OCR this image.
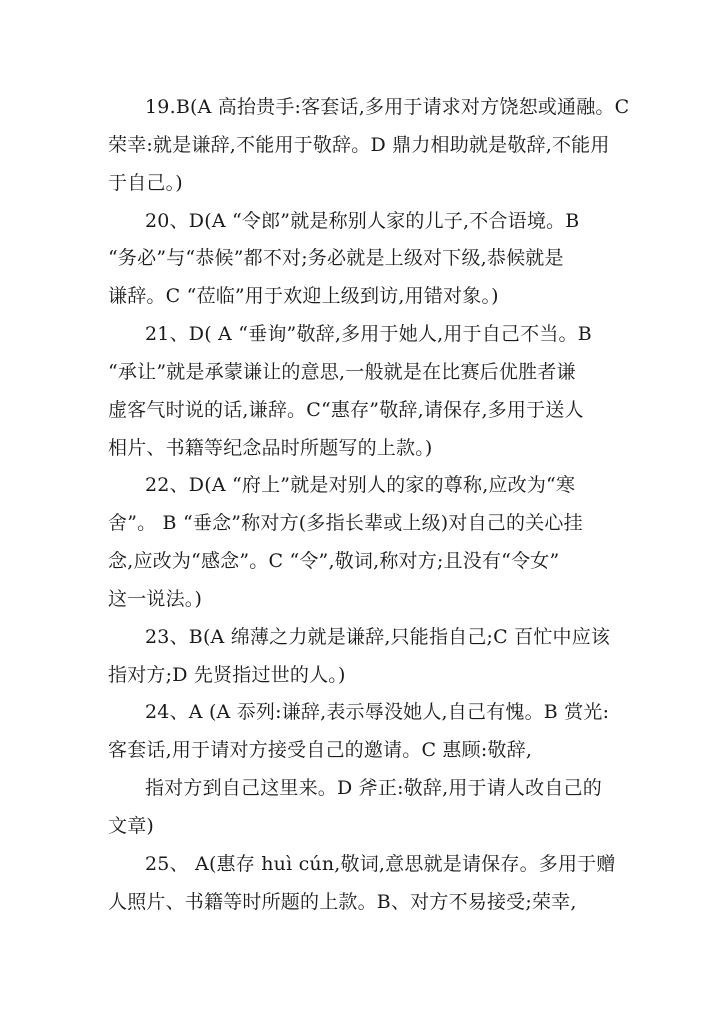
19.B(A 高抬贵手:客套话,多用于请求对方饶恕或通融。C
荣幸:就是谦辞,不能用于敬辞。D 鼎力相助就是敬辞,不能用
于自己。)
20、D(A “令郎”就是称别人家的儿子,不合语境。B
“务必”与“恭候”都不对;务必就是上级对下级,恭候就是
谦辞。C “莅临”用于欢迎上级到访,用错对象。)
21、D( A “垂询”敬辞,多用于她人,用于自己不当。B
“承让”就是承蒙谦让的意思,一般就是在比赛后优胜者谦
虚客气时说的话,谦辞。C“惠存”敬辞,请保存,多用于送人
相片、书籍等纪念品时所题写的上款。)
22、D(A “府上”就是对别人的家的尊称,应改为“寒
舍”。 B “垂念”称对方(多指长辈或上级)对自己的关心挂
念,应改为“感念”。C “令”,敬词,称对方;且没有“令女”
这一说法。)
23、B(A 绵薄之力就是谦辞,只能指自己;C 百忙中应该
指对方;D 先贤指过世的人。)
24、A (A 忝列:谦辞,表示辱没她人,自己有愧。B 赏光:
客套话,用于请对方接受自己的邀请。C 惠顾:敬辞,
指对方到自己这里来。D 斧正:敬辞,用于请人改自己的
文章)
25、 A(惠存 huì cún,敬词,意思就是请保存。多用于赠
人照片、书籍等时所题的上款。B、对方不易接受;荣幸,
